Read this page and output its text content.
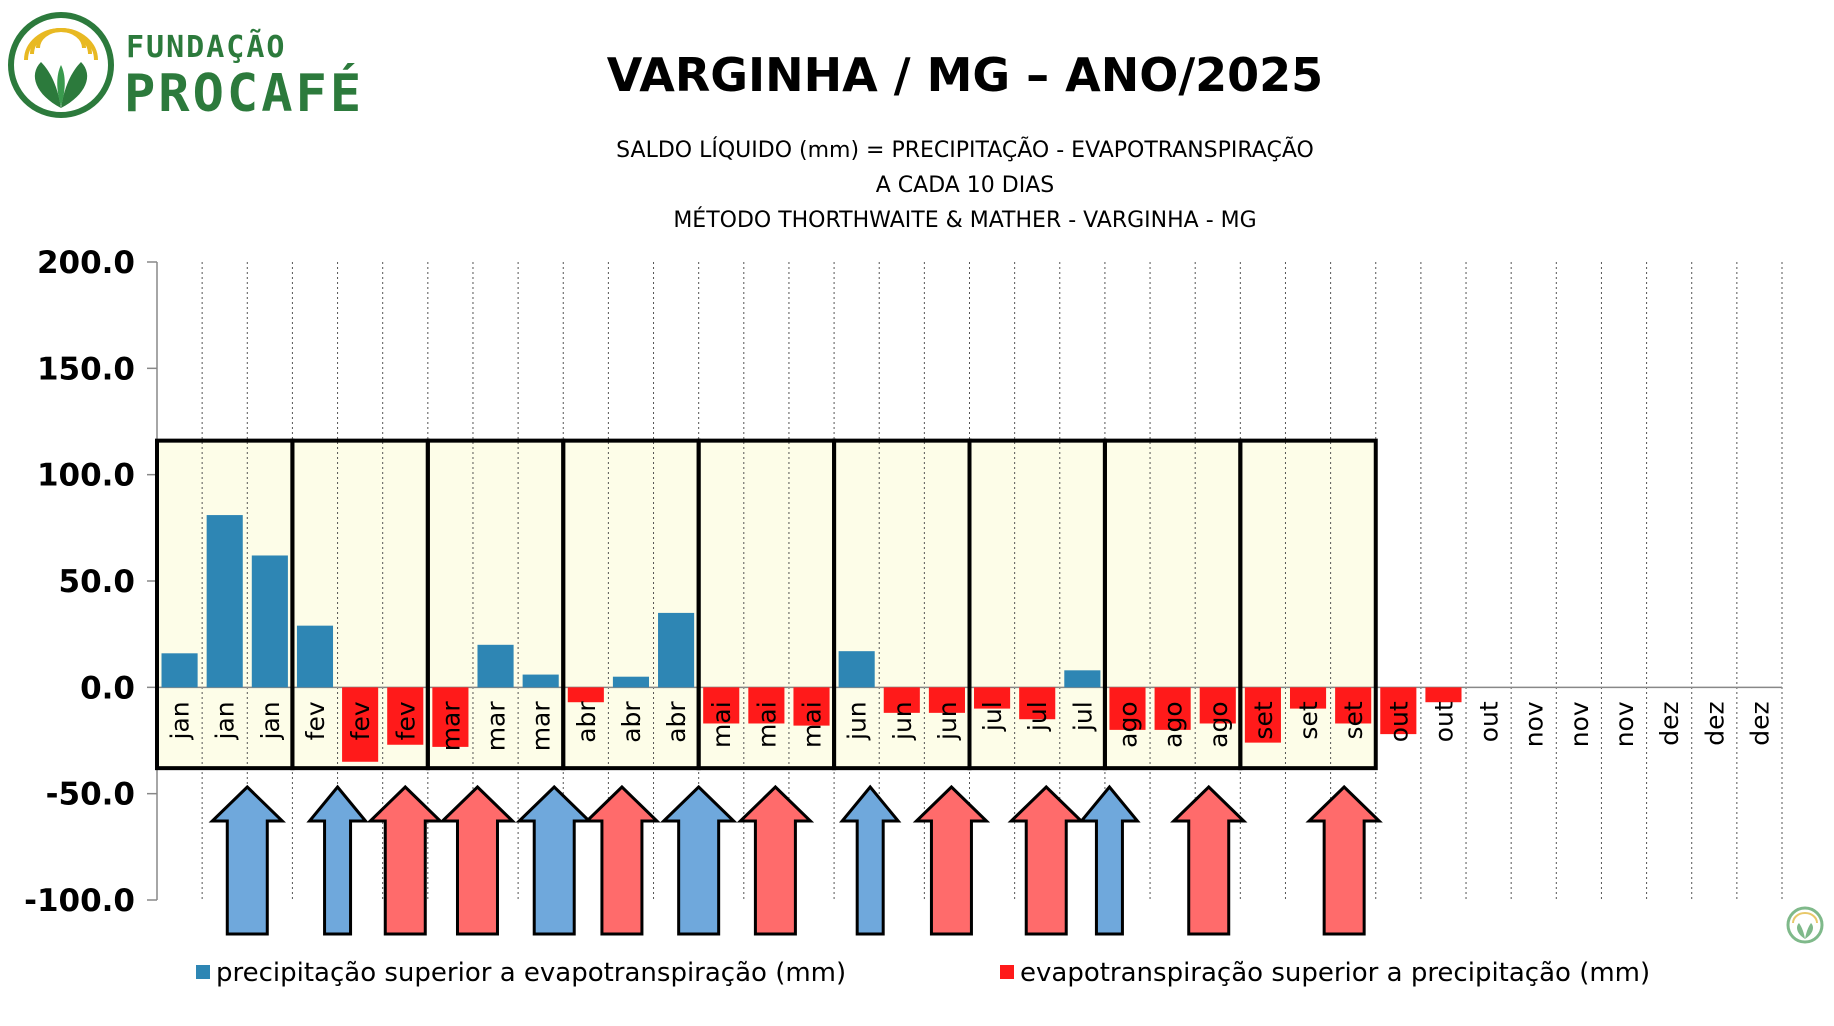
FUNDAÇÃO
PROCAFÉ	VARGINHA / MG – ANO/2025
SALDO LÍQUIDO (mm) = PRECIPITAÇÃO - EVAPOTRANSPIRAÇÃO
A CADA 10 DIAS
MÉTODO THORTHWAITE & MATHER - VARGINHA - MG
200.0
150.0
100.0
50.0
0.0
-50.0
-100.0
jan jan jan fev fev fev mar mar mar abr abr abr mai mai mai jun jun jun jul jul jul ago ago ago set set set out out out nov nov nov dez dez dez
precipitação superior a evapotranspiração (mm)	evapotranspiração superior a precipitação (mm)
